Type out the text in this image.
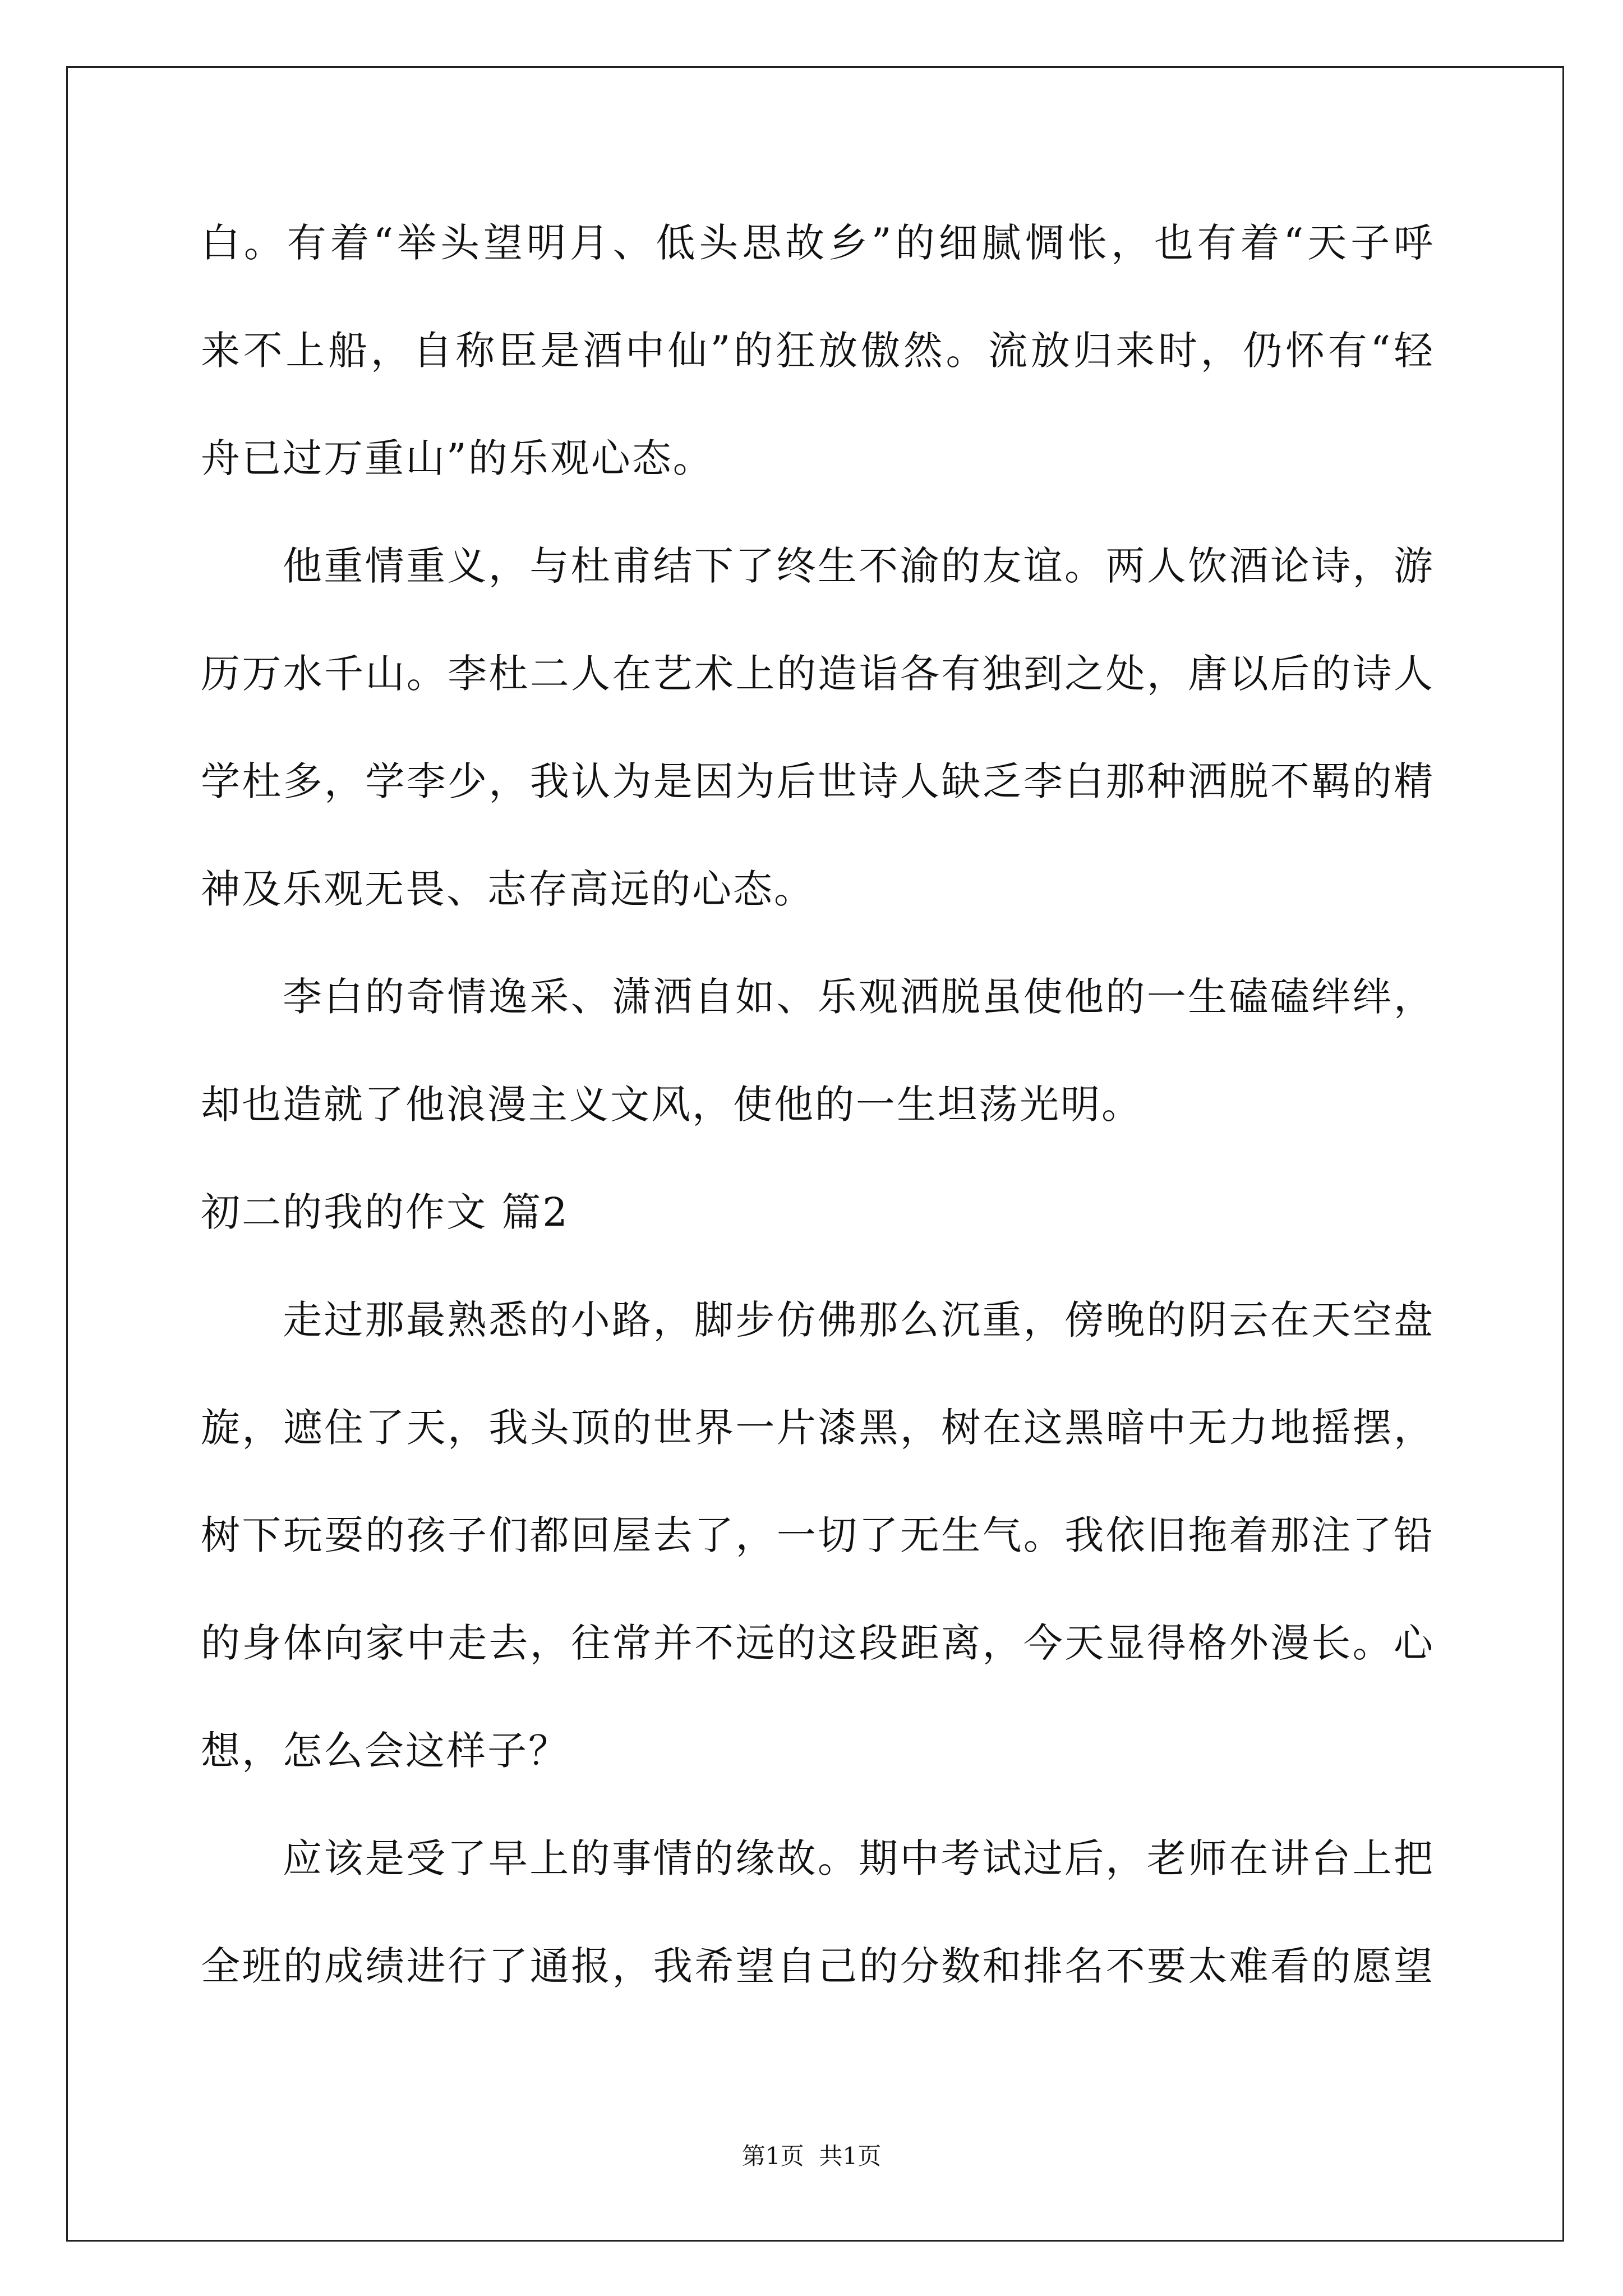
白。有着“举头望明月、低头思故乡”的细腻惆怅，也有着“天子呼
来不上船，自称臣是酒中仙”的狂放傲然。流放归来时，仍怀有“轻
舟已过万重山”的乐观心态。
他重情重义，与杜甫结下了终生不渝的友谊。两人饮酒论诗，游
历万水千山。李杜二人在艺术上的造诣各有独到之处，唐以后的诗人
学杜多，学李少，我认为是因为后世诗人缺乏李白那种洒脱不羁的精
神及乐观无畏、志存高远的心态。
李白的奇情逸采、潇洒自如、乐观洒脱虽使他的一生磕磕绊绊，
却也造就了他浪漫主义文风，使他的一生坦荡光明。
初二的我的作文 篇2
走过那最熟悉的小路，脚步仿佛那么沉重，傍晚的阴云在天空盘
旋，遮住了天，我头顶的世界一片漆黑，树在这黑暗中无力地摇摆，
树下玩耍的孩子们都回屋去了，一切了无生气。我依旧拖着那注了铅
的身体向家中走去，往常并不远的这段距离，今天显得格外漫长。心
想，怎么会这样子？
应该是受了早上的事情的缘故。期中考试过后，老师在讲台上把
全班的成绩进行了通报，我希望自己的分数和排名不要太难看的愿望
第1页  共1页
